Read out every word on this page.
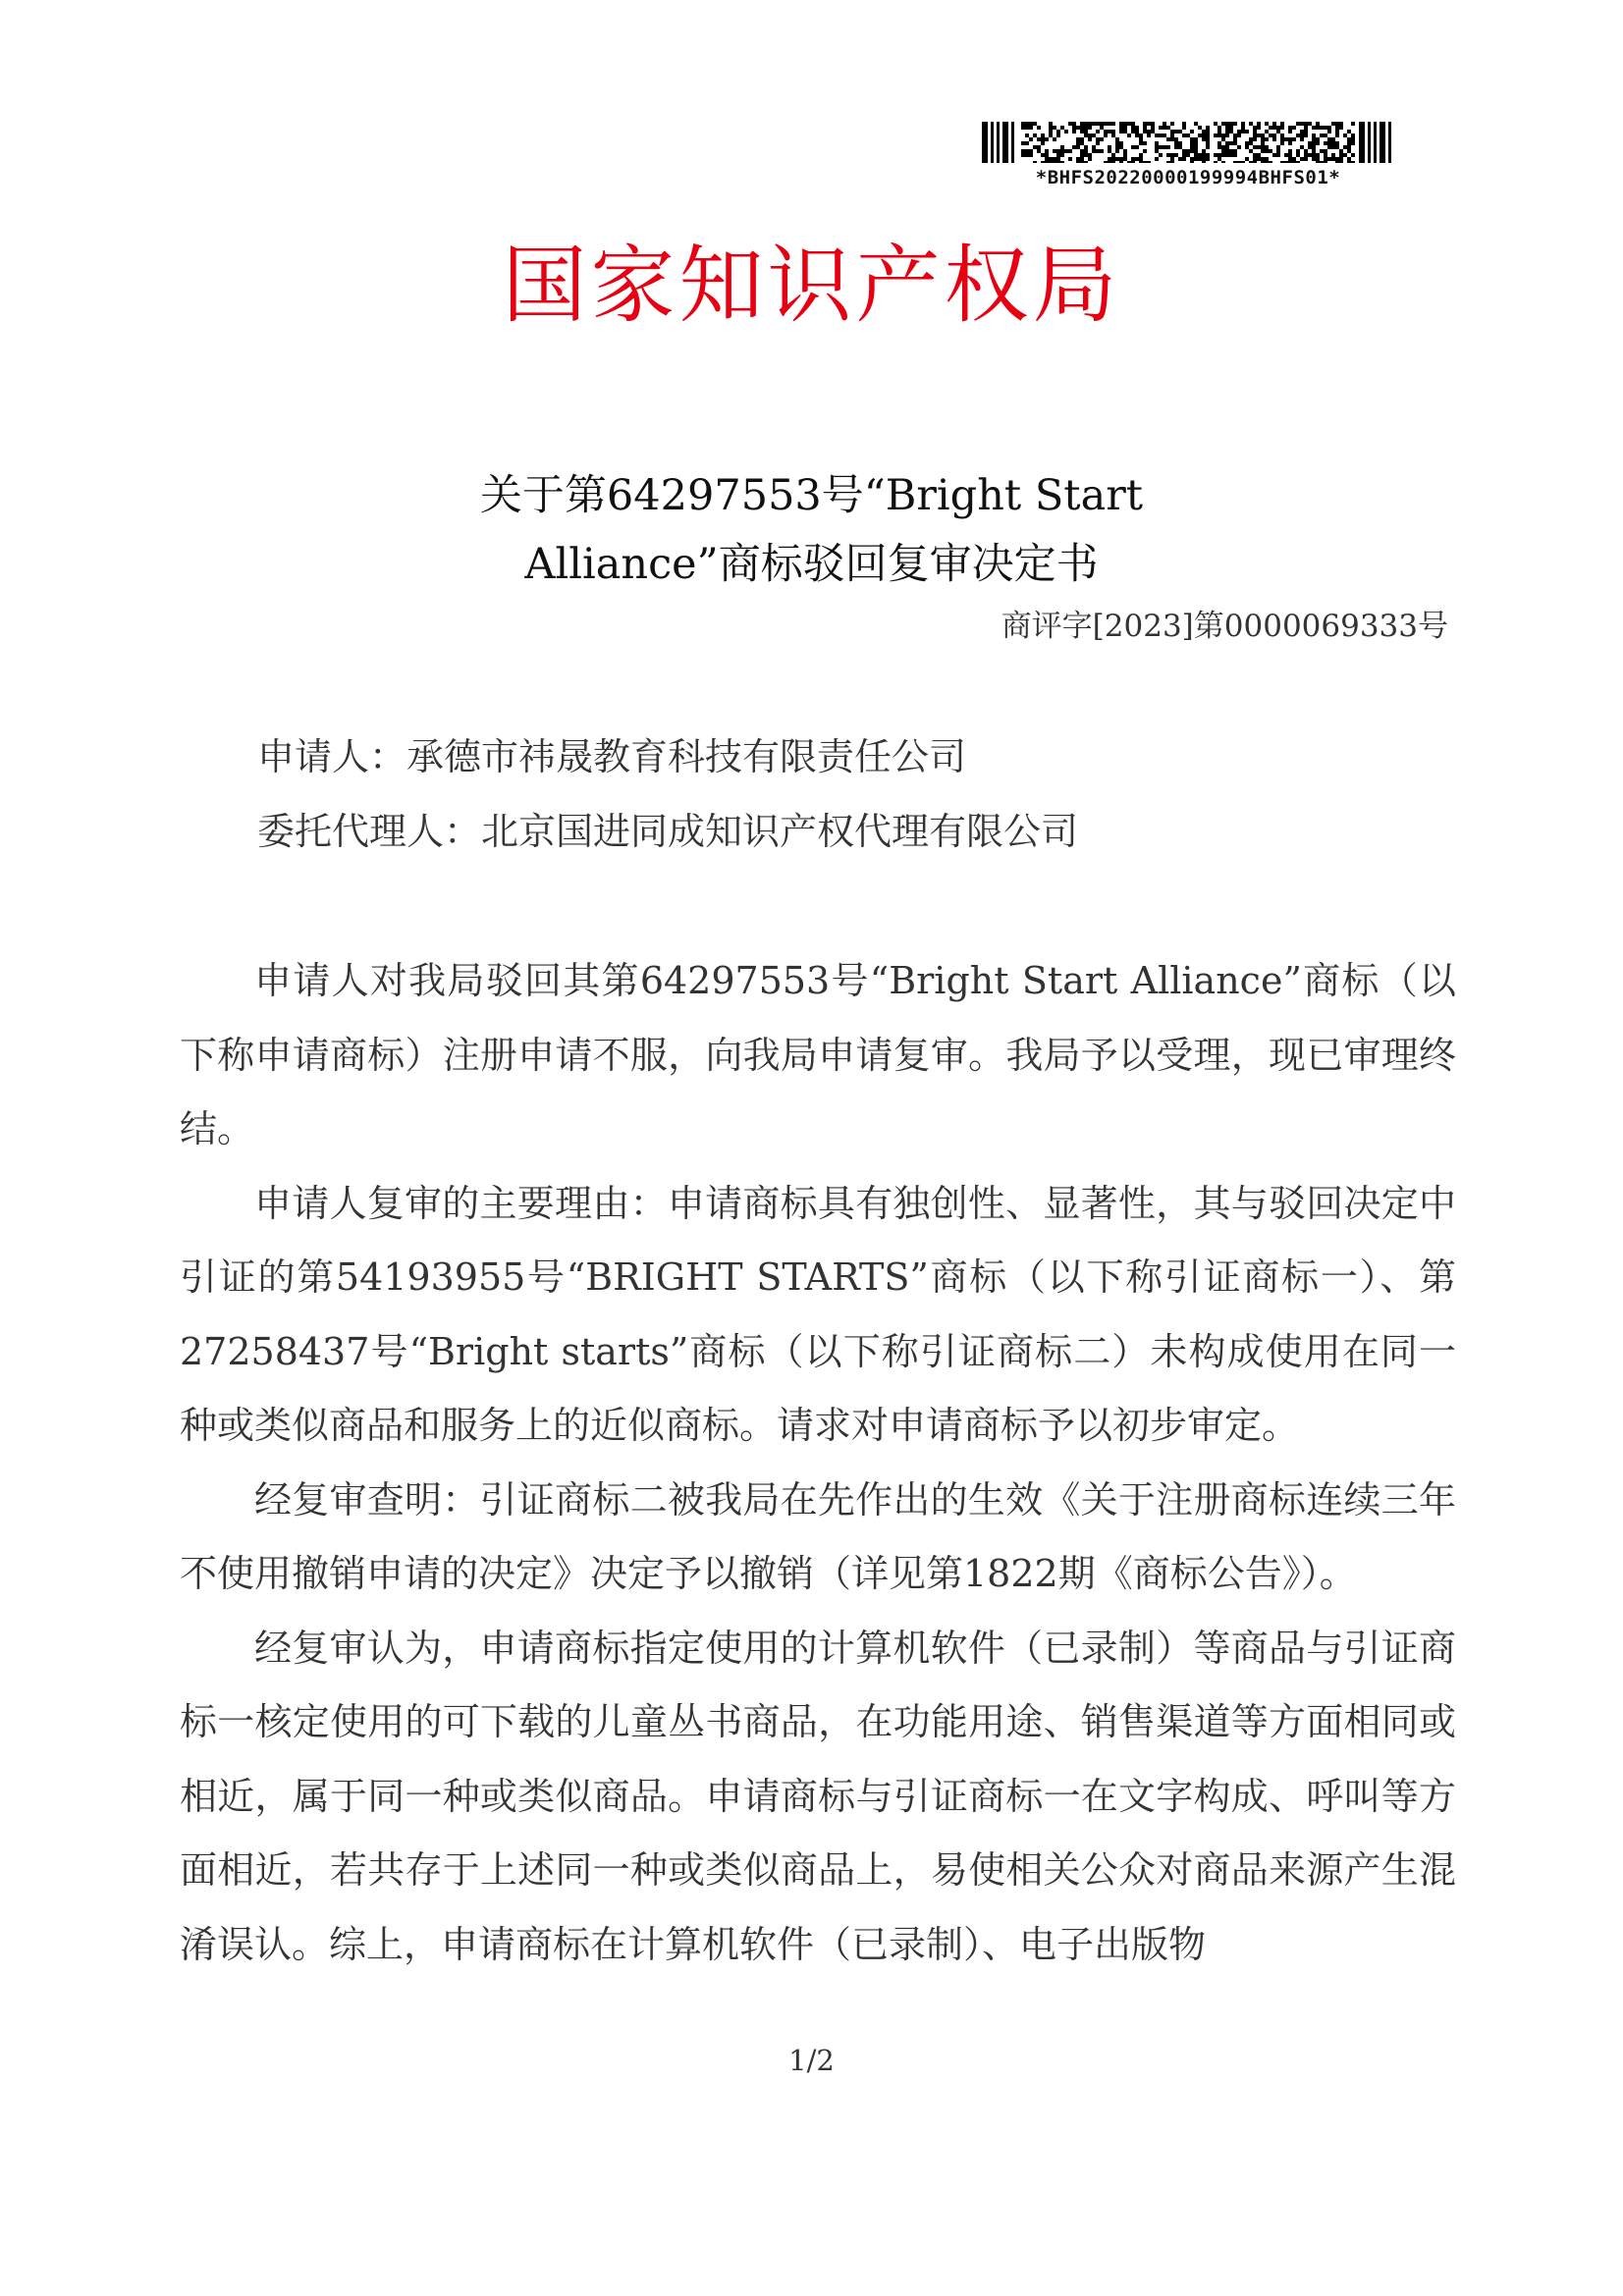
*BHFS20220000199994BHFS01*
国家知识产权局
关于第64297553号“Bright Start
Alliance”商标驳回复审决定书
商评字[2023]第0000069333号
申请人：承德市祎晟教育科技有限责任公司
委托代理人：北京国进同成知识产权代理有限公司

申请人对我局驳回其第64297553号“Bright Start Alliance”商标（以下称申请商标）注册申请不服，向我局申请复审。我局予以受理，现已审理终结。

申请人复审的主要理由：申请商标具有独创性、显著性，其与驳回决定中引证的第54193955号“BRIGHT STARTS”商标（以下称引证商标一）、第27258437号“Bright starts”商标（以下称引证商标二）未构成使用在同一种或类似商品和服务上的近似商标。请求对申请商标予以初步审定。

经复审查明：引证商标二被我局在先作出的生效《关于注册商标连续三年不使用撤销申请的决定》决定予以撤销（详见第1822期《商标公告》）。

经复审认为，申请商标指定使用的计算机软件（已录制）等商品与引证商标一核定使用的可下载的儿童丛书商品，在功能用途、销售渠道等方面相同或相近，属于同一种或类似商品。申请商标与引证商标一在文字构成、呼叫等方面相近，若共存于上述同一种或类似商品上，易使相关公众对商品来源产生混淆误认。综上，申请商标在计算机软件（已录制）、电子出版物

1/2
